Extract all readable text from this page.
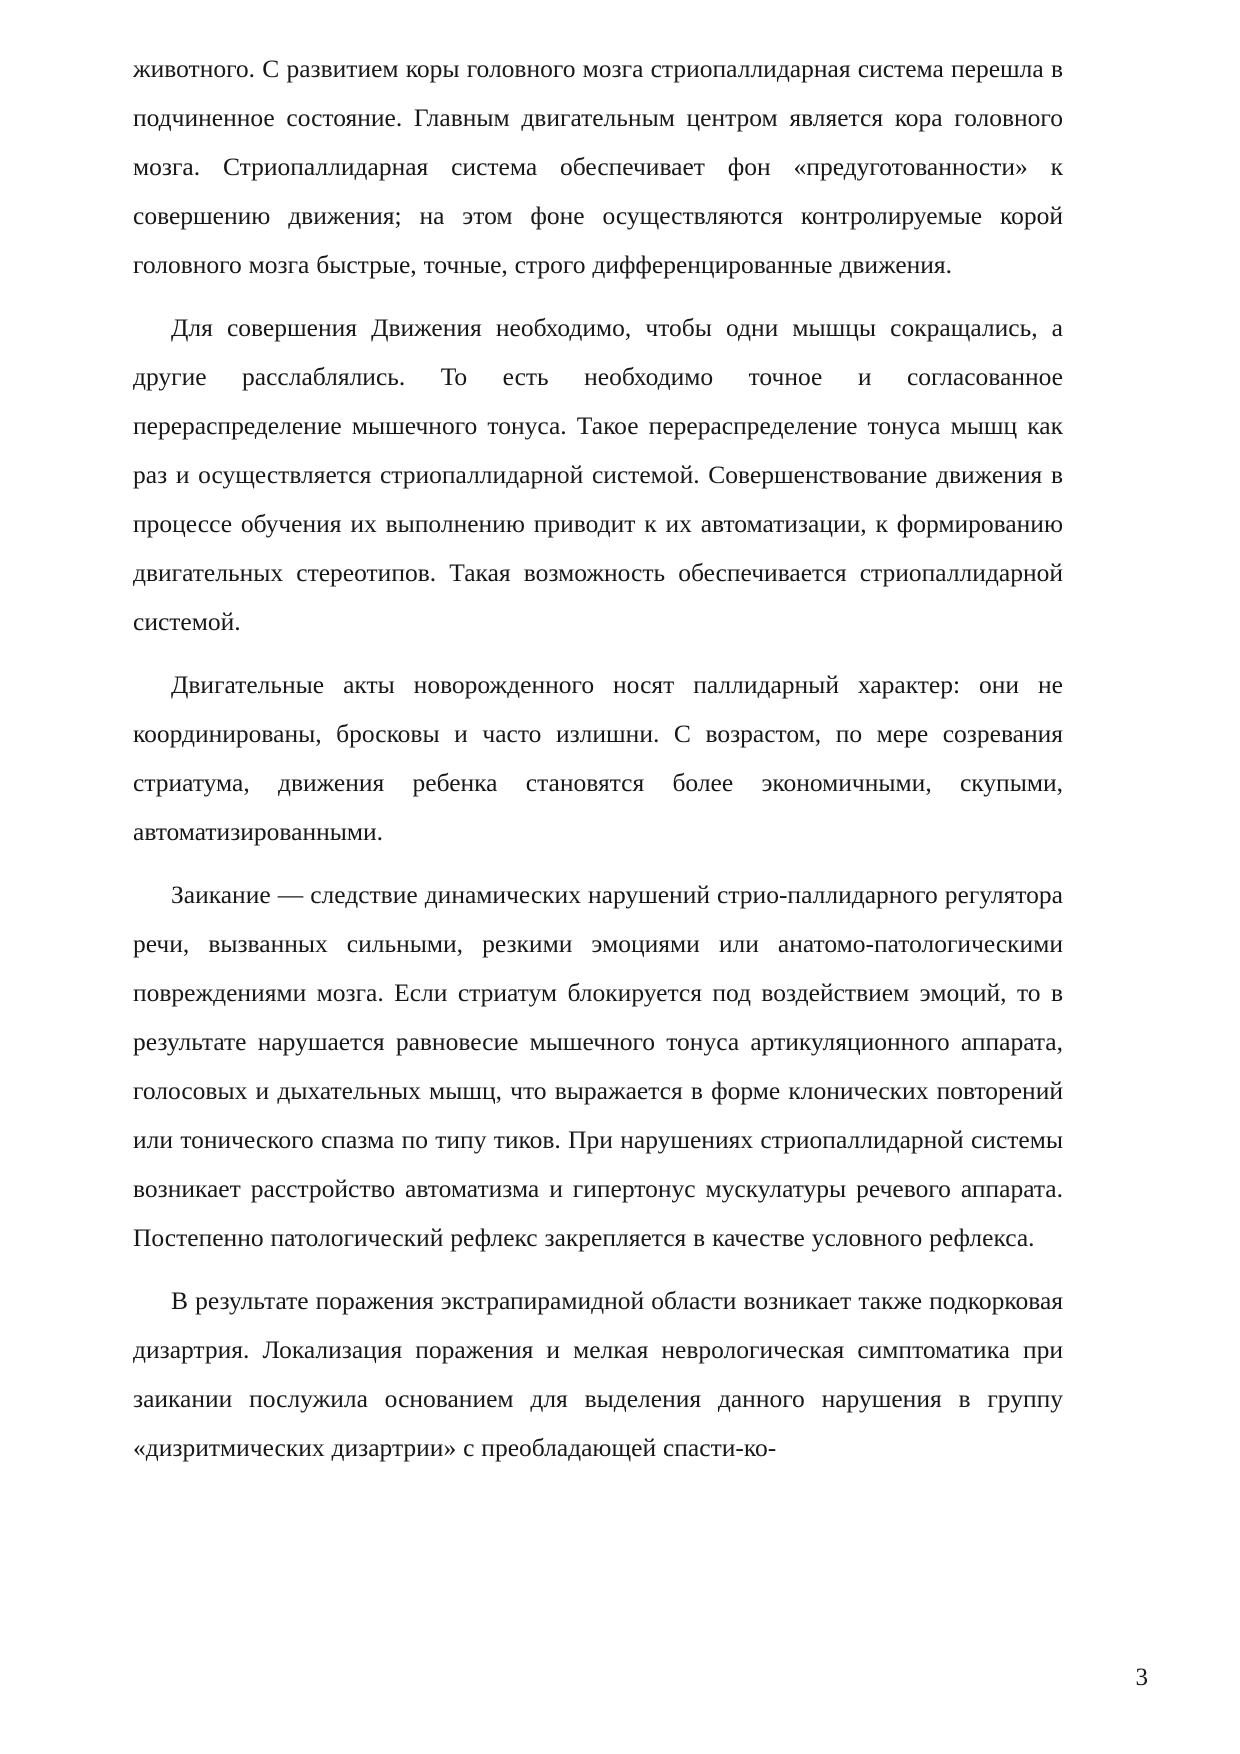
животного. С развитием коры головного мозга стриопаллидарная система перешла в подчиненное состояние. Главным двигательным центром является кора головного мозга. Стриопаллидарная система обеспечивает фон «предуготованности» к совершению движения; на этом фоне осуществляются контролируемые корой головного мозга быстрые, точные, строго дифференцированные движения.

Для совершения Движения необходимо, чтобы одни мышцы сокращались, а другие расслаблялись. То есть необходимо точное и согласованное перераспределение мышечного тонуса. Такое перераспределение тонуса мышц как раз и осуществляется стриопаллидарной системой. Совершенствование движения в процессе обучения их выполнению приводит к их автоматизации, к формированию двигательных стереотипов. Такая возможность обеспечивается стриопаллидарной системой.

Двигательные акты новорожденного носят паллидарный характер: они не координированы, бросковы и часто излишни. С возрастом, по мере созревания стриатума, движения ребенка становятся более экономичными, скупыми, автоматизированными.

Заикание — следствие динамических нарушений стрио-паллидарного регулятора речи, вызванных сильными, резкими эмоциями или анатомо-патологическими повреждениями мозга. Если стриатум блокируется под воздействием эмоций, то в результате нарушается равновесие мышечного тонуса артикуляционного аппарата, голосовых и дыхательных мышц, что выражается в форме клонических повторений или тонического спазма по типу тиков. При нарушениях стриопаллидарной системы возникает расстройство автоматизма и гипертонус мускулатуры речевого аппарата. Постепенно патологический рефлекс закрепляется в качестве условного рефлекса.

В результате поражения экстрапирамидной области возникает также подкорковая дизартрия. Локализация поражения и мелкая неврологическая симптоматика при заикании послужила основанием для выделения данного нарушения в группу «дизритмических дизартрии» с преобладающей спасти-ко-

3
